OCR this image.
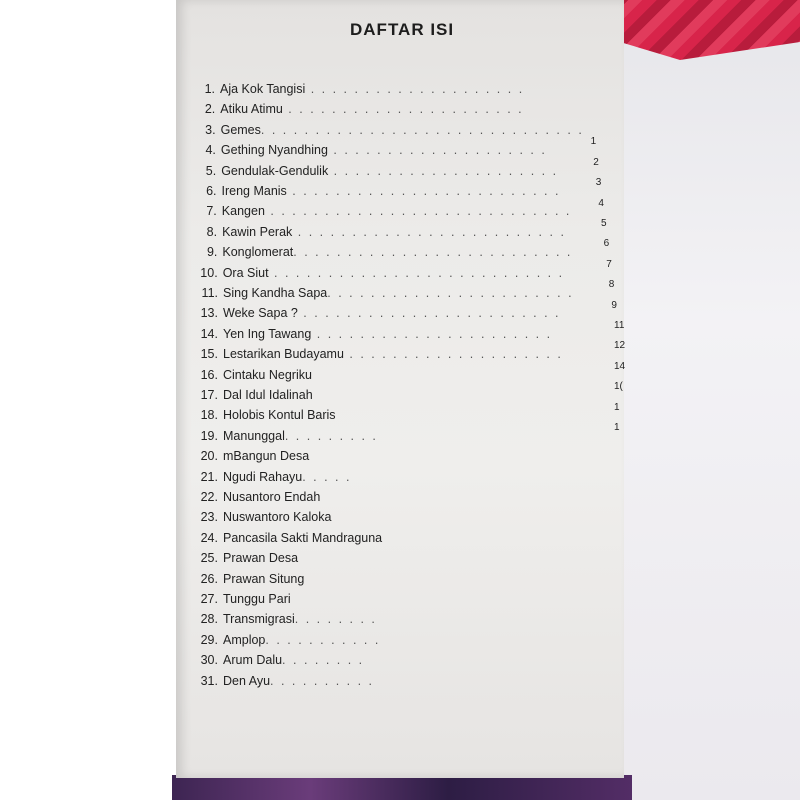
DAFTAR ISI
1. Aja Kok Tangisi . . . . . . . . . . . . . . . . . . . .
2. Atiku Atimu . . . . . . . . . . . . . . . . . . . . . .
1
3. Gemes. . . . . . . . . . . . . . . . . . . . . . . . . . . . . .
2
4. Gething Nyandhing . . . . . . . . . . . . . . . . . . . .
3
5. Gendulak-Gendulik . . . . . . . . . . . . . . . . . . . . .
4
6. Ireng Manis . . . . . . . . . . . . . . . . . . . . . . . . .
5
7. Kangen . . . . . . . . . . . . . . . . . . . . . . . . . . . .
6
8. Kawin Perak . . . . . . . . . . . . . . . . . . . . . . . . .
7
9. Konglomerat. . . . . . . . . . . . . . . . . . . . . . . . . .
8
10. Ora Siut . . . . . . . . . . . . . . . . . . . . . . . . . . .
9
11. Sing Kandha Sapa. . . . . . . . . . . . . . . . . . . . . . .
11
13. Weke Sapa ? . . . . . . . . . . . . . . . . . . . . . . . .
12
14. Yen Ing Tawang . . . . . . . . . . . . . . . . . . . . . .
14
15. Lestarikan Budayamu . . . . . . . . . . . . . . . . . . . .
1(
16. Cintaku Negriku
1
17. Dal Idul Idalinah
1
18. Holobis Kontul Baris
19. Manunggal. . . . . . . . .
20. mBangun Desa
21. Ngudi Rahayu. . . . .
22. Nusantoro Endah
23. Nuswantoro Kaloka
24. Pancasila Sakti Mandraguna
25. Prawan Desa
26. Prawan Situng
27. Tunggu Pari
28. Transmigrasi. . . . . . . .
29. Amplop. . . . . . . . . . .
30. Arum Dalu. . . . . . . .
31. Den Ayu. . . . . . . . . .
